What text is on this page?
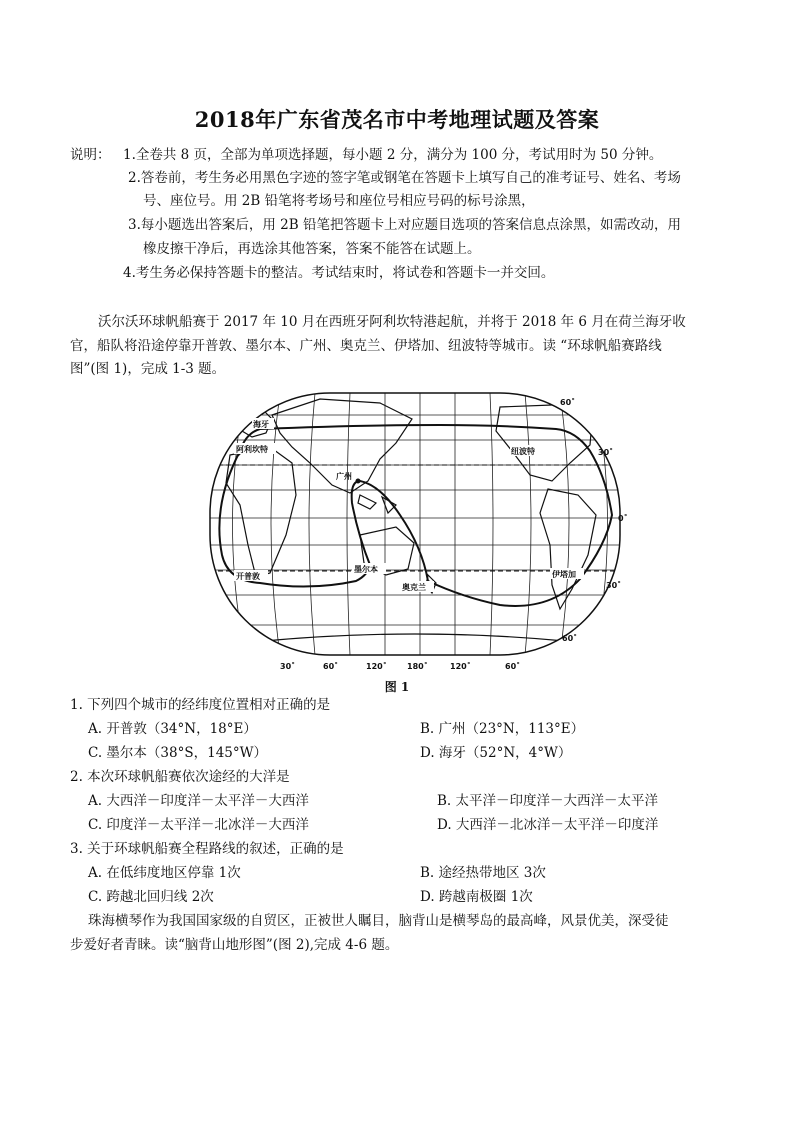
2018年广东省茂名市中考地理试题及答案
说明： 1.全卷共 8 页，全部为单项选择题，每小题 2 分，满分为 100 分，考试用时为 50 分钟。
2.答卷前，考生务必用黑色字迹的签字笔或钢笔在答题卡上填写自己的准考证号、姓名、考场
号、座位号。用 2B 铅笔将考场号和座位号相应号码的标号涂黑，
3.每小题选出答案后，用 2B 铅笔把答题卡上对应题目选项的答案信息点涂黑，如需改动，用
橡皮擦干净后，再选涂其他答案，答案不能答在试题上。
4.考生务必保持答题卡的整洁。考试结束时，将试卷和答题卡一并交回。
沃尔沃环球帆船赛于 2017 年 10 月在西班牙阿利坎特港起航，并将于 2018 年 6 月在荷兰海牙收
官，船队将沿途停靠开普敦、墨尔本、广州、奥克兰、伊塔加、纽波特等城市。读 “环球帆船赛路线
图”(图 1)，完成 1-3 题。
海牙
阿利坎特
广州
纽波特
开普敦
墨尔本
奥克兰
伊塔加
60˚
30˚
0˚
30˚
60˚
30˚	60˚	120˚	180˚	120˚	60˚
图 1
1. 下列四个城市的经纬度位置相对正确的是
A. 开普敦（34°N，18°E）	B. 广州（23°N，113°E）
C. 墨尔本（38°S，145°W）	D. 海牙（52°N，4°W）
2. 本次环球帆船赛依次途经的大洋是
A. 大西洋－印度洋－太平洋－大西洋	B. 太平洋－印度洋－大西洋－太平洋
C. 印度洋－太平洋－北冰洋－大西洋	D. 大西洋－北冰洋－太平洋－印度洋
3. 关于环球帆船赛全程路线的叙述，正确的是
A. 在低纬度地区停靠 1次	B. 途经热带地区 3次
C. 跨越北回归线 2次	D. 跨越南极圈 1次
珠海横琴作为我国国家级的自贸区，正被世人瞩目，脑背山是横琴岛的最高峰，风景优美，深受徒
步爱好者青睐。读“脑背山地形图”(图 2),完成 4-6 题。
